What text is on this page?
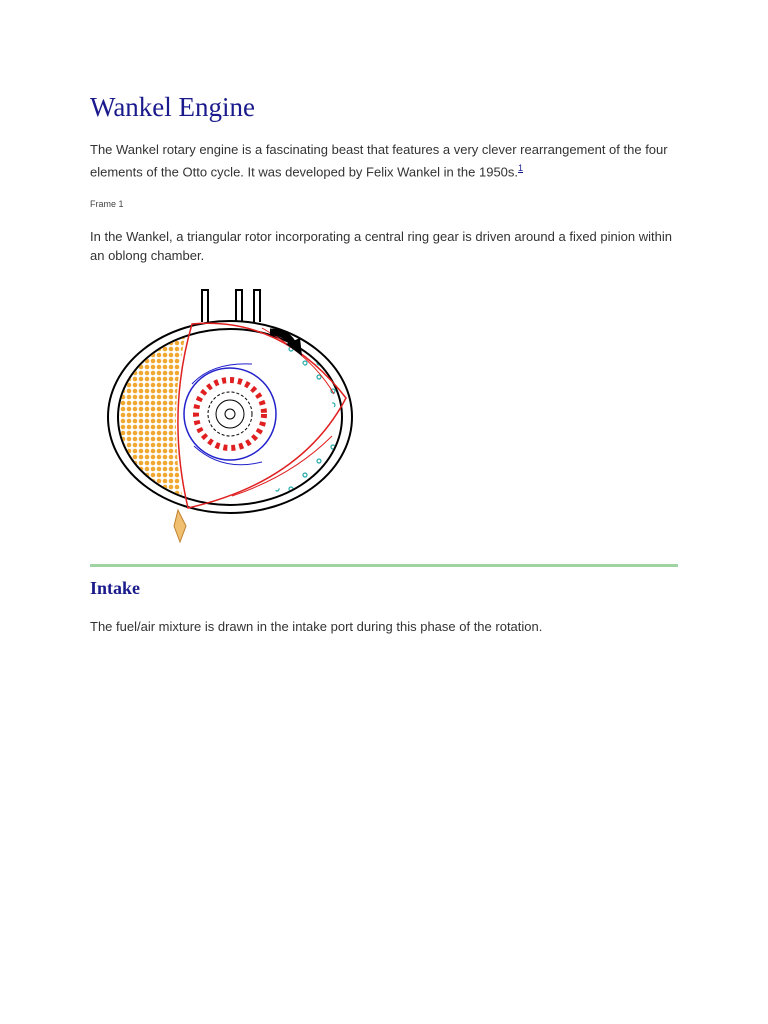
Wankel Engine

The Wankel rotary engine is a fascinating beast that features a very clever rearrangement of the four elements of the Otto cycle. It was developed by Felix Wankel in the 1950s.$^1$

Frame 1

In the Wankel, a triangular rotor incorporating a central ring gear is driven around a fixed pinion within an oblong chamber.

Intake

The fuel/air mixture is drawn in the intake port during this phase of the rotation.
